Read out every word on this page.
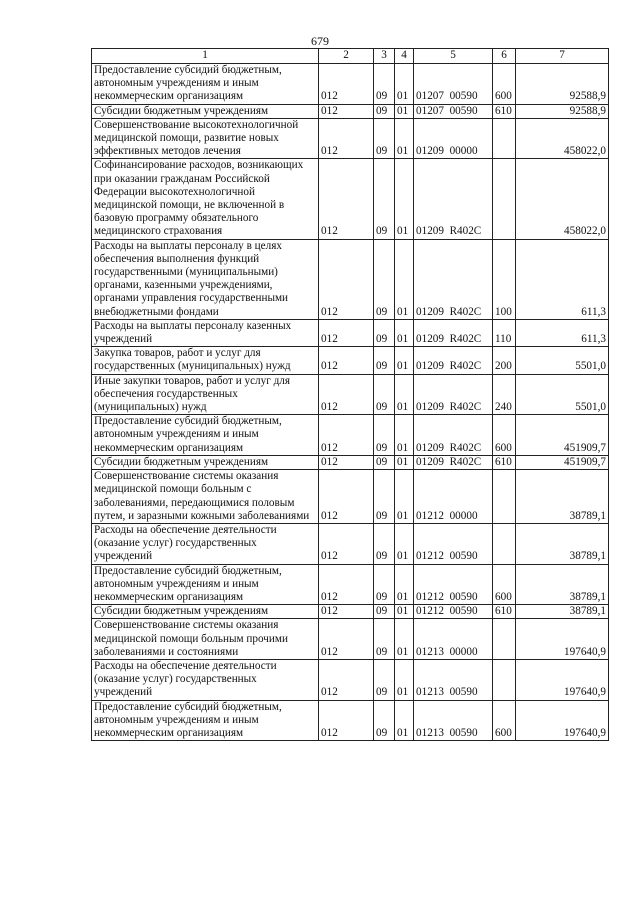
679
1	2	3	4	5	6	7
Предоставление субсидий бюджетным, автономным учреждениям и иным некоммерческим организациям	012	09	01	01207  00590	600	92588,9
Субсидии бюджетным учреждениям	012	09	01	01207  00590	610	92588,9
Совершенствование высокотехнологичной медицинской помощи, развитие новых эффективных методов лечения	012	09	01	01209  00000		458022,0
Софинансирование расходов, возникающих при оказании гражданам Российской Федерации высокотехнологичной медицинской помощи, не включенной в базовую программу обязательного медицинского страхования	012	09	01	01209  R402C		458022,0
Расходы на выплаты персоналу в целях обеспечения выполнения функций государственными (муниципальными) органами, казенными учреждениями, органами управления государственными внебюджетными фондами	012	09	01	01209  R402C	100	611,3
Расходы на выплаты персоналу казенных учреждений	012	09	01	01209  R402C	110	611,3
Закупка товаров, работ и услуг для государственных (муниципальных) нужд	012	09	01	01209  R402C	200	5501,0
Иные закупки товаров, работ и услуг для обеспечения государственных (муниципальных) нужд	012	09	01	01209  R402C	240	5501,0
Предоставление субсидий бюджетным, автономным учреждениям и иным некоммерческим организациям	012	09	01	01209  R402C	600	451909,7
Субсидии бюджетным учреждениям	012	09	01	01209  R402C	610	451909,7
Совершенствование системы оказания медицинской помощи больным с заболеваниями, передающимися половым путем, и заразными кожными заболеваниями	012	09	01	01212  00000		38789,1
Расходы на обеспечение деятельности (оказание услуг) государственных учреждений	012	09	01	01212  00590		38789,1
Предоставление субсидий бюджетным, автономным учреждениям и иным некоммерческим организациям	012	09	01	01212  00590	600	38789,1
Субсидии бюджетным учреждениям	012	09	01	01212  00590	610	38789,1
Совершенствование системы оказания медицинской помощи больным прочими заболеваниями и состояниями	012	09	01	01213  00000		197640,9
Расходы на обеспечение деятельности (оказание услуг) государственных учреждений	012	09	01	01213  00590		197640,9
Предоставление субсидий бюджетным, автономным учреждениям и иным некоммерческим организациям	012	09	01	01213  00590	600	197640,9
